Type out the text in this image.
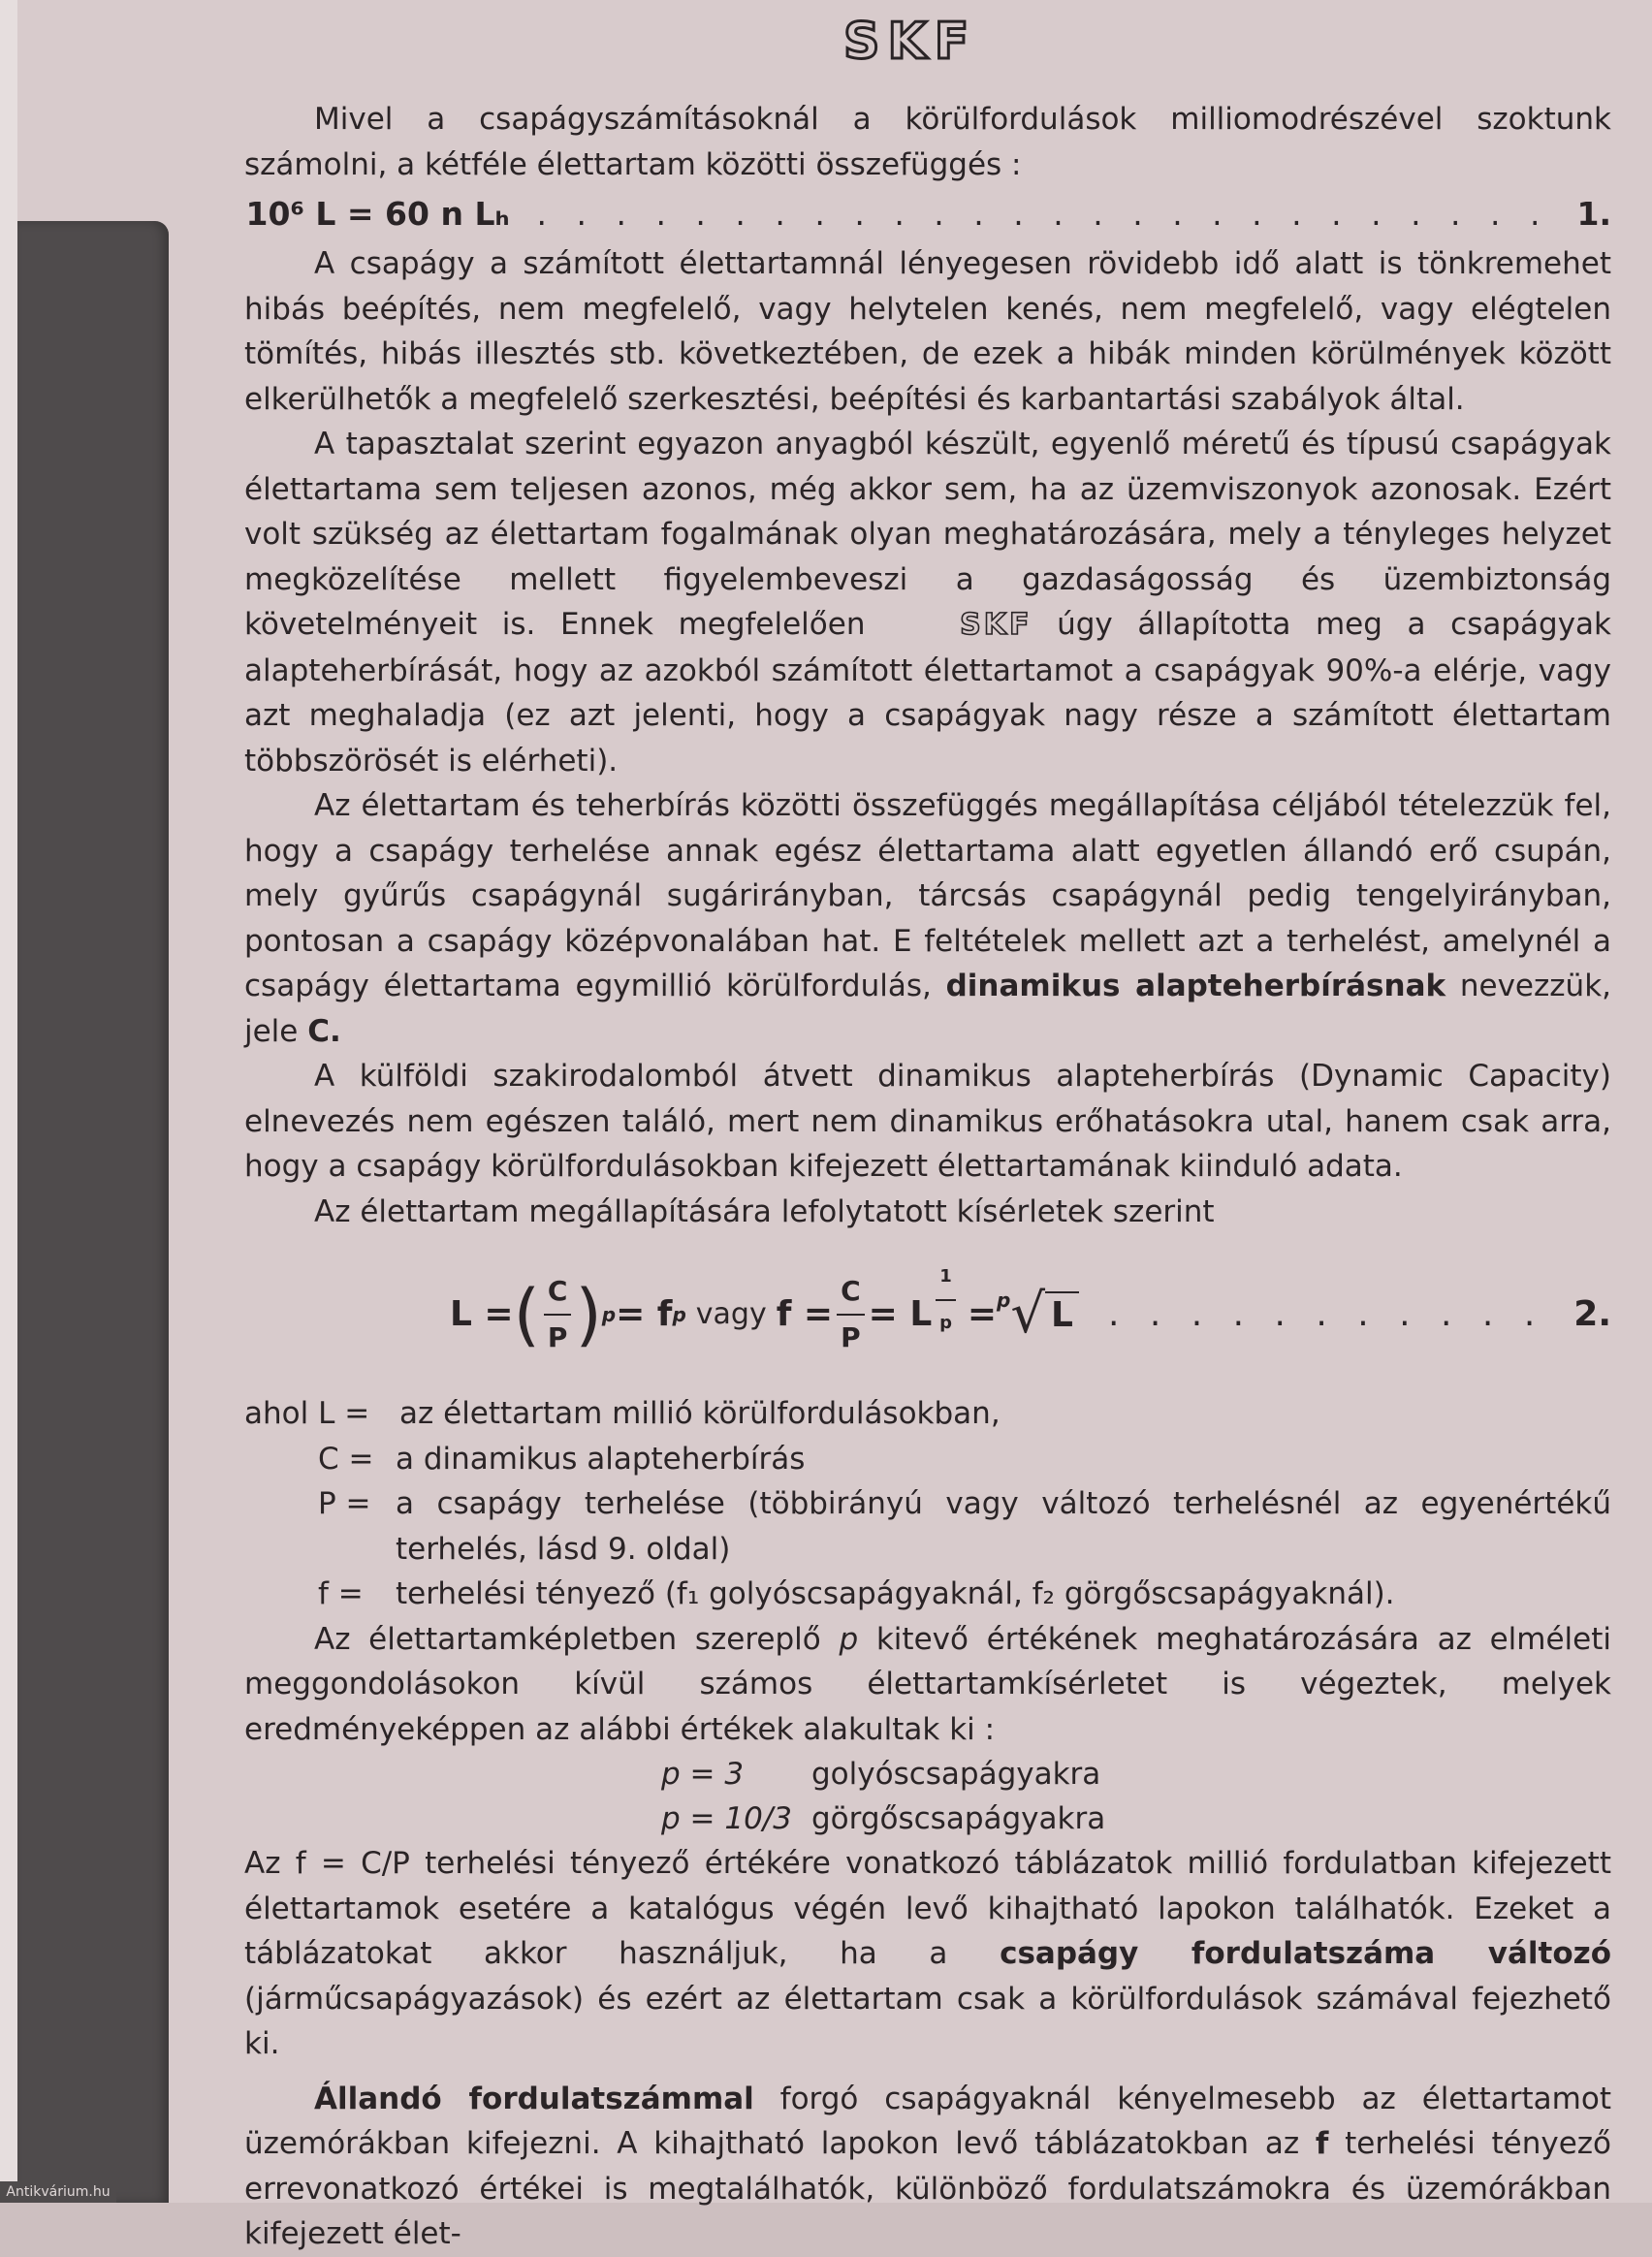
SKF

Mivel a csapágyszámításoknál a körülfordulások milliomodrészével szoktunk számolni, a kétféle élettartam közötti összefüggés :

10⁶ L = 60 n Lₕ . . . . . . . . . . . . . . . . . . . . . . . . . . 1.

A csapágy a számított élettartamnál lényegesen rövidebb idő alatt is tönkremehet hibás beépítés, nem megfelelő, vagy helytelen kenés, nem megfelelő, vagy elégtelen tömítés, hibás illesztés stb. következtében, de ezek a hibák minden körülmények között elkerülhetők a megfelelő szerkesztési, beépítési és karbantartási szabályok által.

A tapasztalat szerint egyazon anyagból készült, egyenlő méretű és típusú csapágyak élettartama sem teljesen azonos, még akkor sem, ha az üzemviszonyok azonosak. Ezért volt szükség az élettartam fogalmának olyan meghatározására, mely a tényleges helyzet megközelítése mellett figyelembeveszi a gazdaságosság és üzembiztonság követelményeit is. Ennek megfelelően	SKF úgy állapította meg a csapágyak alapteherbírását, hogy az azokból számított élettartamot a csapágyak 90%-a elérje, vagy azt meghaladja (ez azt jelenti, hogy a csapágyak nagy része a számított élettartam többszörösét is elérheti).

Az élettartam és teherbírás közötti összefüggés megállapítása céljából tételezzük fel, hogy a csapágy terhelése annak egész élettartama alatt egyetlen állandó erő csupán, mely gyűrűs csapágynál sugárirányban, tárcsás csapágynál pedig tengelyirányban, pontosan a csapágy középvonalában hat. E feltételek mellett azt a terhelést, amelynél a csapágy élettartama egymillió körülfordulás, dinamikus alapteherbírásnak nevezzük, jele C.

A külföldi szakirodalomból átvett dinamikus alapteherbírás (Dynamic Capacity) elnevezés nem egészen találó, mert nem dinamikus erőhatásokra utal, hanem csak arra, hogy a csapágy körülfordulásokban kifejezett élettartamának kiinduló adata.

Az élettartam megállapítására lefolytatott kísérletek szerint

L = ( $\frac{C}{P}$ ) p = f p vagy $f = \frac{C}{P} = L \frac{1}{p} = ^p$ √ L . . . . . . . . . . . 2.
ahol L = az élettartam millió körülfordulásokban,
C = a dinamikus alapteherbírás
P = a csapágy terhelése (többirányú vagy változó terhelésnél az egyenértékű terhelés, lásd 9. oldal)
f =	terhelési tényező (f₁ golyóscsapágyaknál, f₂ görgőscsapágyaknál).

Az élettartamképletben szereplő p kitevő értékének meghatározására az elméleti meggondolásokon kívül számos élettartamkísérletet is végeztek, melyek eredményeképpen az alábbi értékek alakultak ki :

p = 3 golyóscsapágyakra
p = 10/3 görgőscsapágyakra

Az f = C/P terhelési tényező értékére vonatkozó táblázatok millió fordulatban kifejezett élettartamok esetére a katalógus végén levő kihajtható lapokon találhatók. Ezeket a táblázatokat akkor használjuk, ha a csapágy fordulatszáma változó (járműcsapágyazások) és ezért az élettartam csak a körülfordulások számával fejezhető ki.

Állandó fordulatszámmal forgó csapágyaknál kényelmesebb az élettartamot üzemórákban kifejezni. A kihajtható lapokon levő táblázatokban az f terhelési tényező errevonatkozó értékei is megtalálhatók, különböző fordulatszámokra és üzemórákban kifejezett élet-

Antikvárium.hu
